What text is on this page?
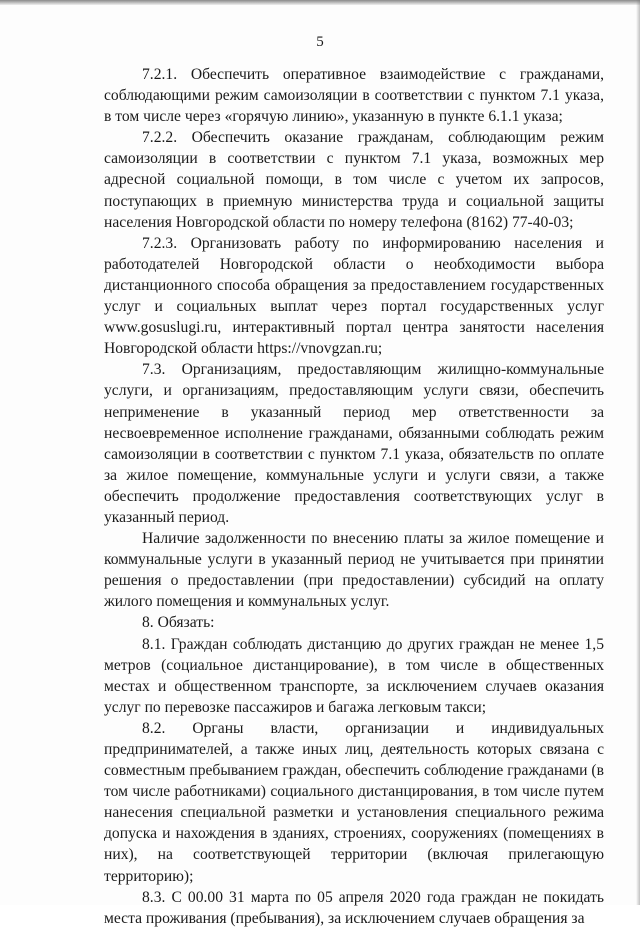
5

7.2.1. Обеспечить оперативное взаимодействие с гражданами, соблюдающими режим самоизоляции в соответствии с пунктом 7.1 указа, в том числе через «горячую линию», указанную в пункте 6.1.1 указа;

7.2.2. Обеспечить оказание гражданам, соблюдающим режим самоизоляции в соответствии с пунктом 7.1 указа, возможных мер адресной социальной помощи, в том числе с учетом их запросов, поступающих в приемную министерства труда и социальной защиты населения Новгородской области по номеру телефона (8162) 77-40-03;

7.2.3. Организовать работу по информированию населения и работодателей Новгородской области о необходимости выбора дистанционного способа обращения за предоставлением государственных услуг и социальных выплат через портал государственных услуг www.gosuslugi.ru, интерактивный портал центра занятости населения Новгородской области https://vnovgzan.ru;

7.3. Организациям, предоставляющим жилищно-коммунальные услуги, и организациям, предоставляющим услуги связи, обеспечить неприменение в указанный период мер ответственности за несвоевременное исполнение гражданами, обязанными соблюдать режим самоизоляции в соответствии с пунктом 7.1 указа, обязательств по оплате за жилое помещение, коммунальные услуги и услуги связи, а также обеспечить продолжение предоставления соответствующих услуг в указанный период.

Наличие задолженности по внесению платы за жилое помещение и коммунальные услуги в указанный период не учитывается при принятии решения о предоставлении (при предоставлении) субсидий на оплату жилого помещения и коммунальных услуг.

8. Обязать:

8.1. Граждан соблюдать дистанцию до других граждан не менее 1,5 метров (социальное дистанцирование), в том числе в общественных местах и общественном транспорте, за исключением случаев оказания услуг по перевозке пассажиров и багажа легковым такси;

8.2. Органы власти, организации и индивидуальных предпринимателей, а также иных лиц, деятельность которых связана с совместным пребыванием граждан, обеспечить соблюдение гражданами (в том числе работниками) социального дистанцирования, в том числе путем нанесения специальной разметки и установления специального режима допуска и нахождения в зданиях, строениях, сооружениях (помещениях в них), на соответствующей территории (включая прилегающую территорию);

8.3. С 00.00 31 марта по 05 апреля 2020 года граждан не покидать места проживания (пребывания), за исключением случаев обращения за
